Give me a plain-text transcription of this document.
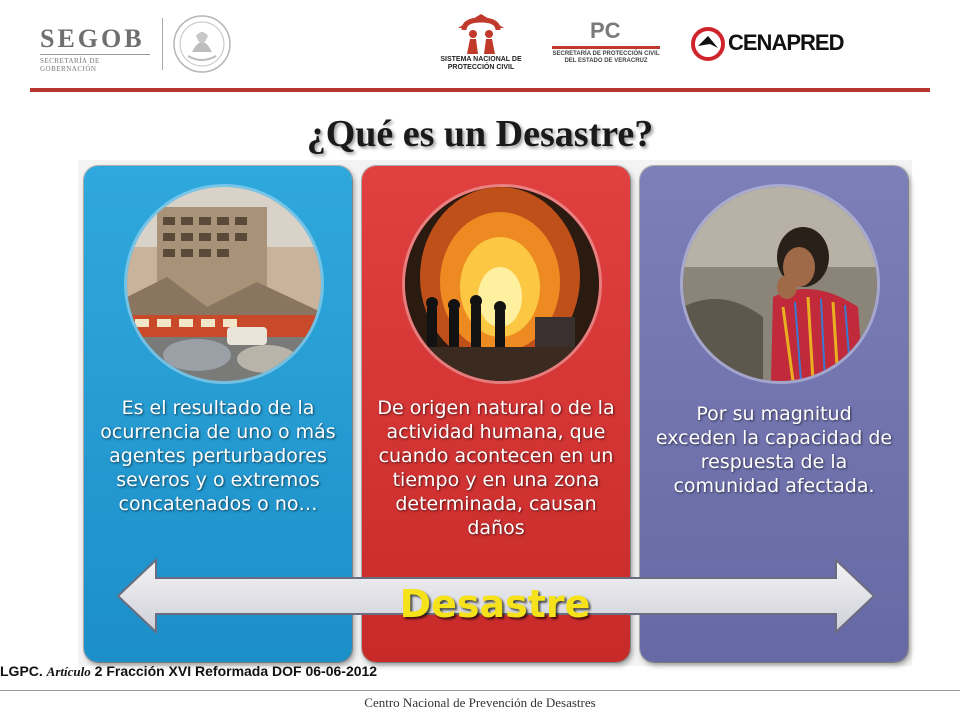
SEGOB
SECRETARÍA DE GOBERNACIÓN
SISTEMA NACIONAL DE
PROTECCIÓN CIVIL
PC
SECRETARÍA DE PROTECCIÓN CIVIL
DEL ESTADO DE VERACRUZ
CENAPRED
¿Qué es un Desastre?
Es el resultado de la ocurrencia de uno o más agentes perturbadores severos y o extremos concatenados o no…
De origen natural o de la actividad humana, que cuando acontecen en un tiempo y en una zona determinada, causan daños
Por su magnitud exceden la capacidad de respuesta de la comunidad afectada.
Desastre
LGPC. Artículo 2 Fracción XVI Reformada DOF 06-06-2012
Centro Nacional de Prevención de Desastres
